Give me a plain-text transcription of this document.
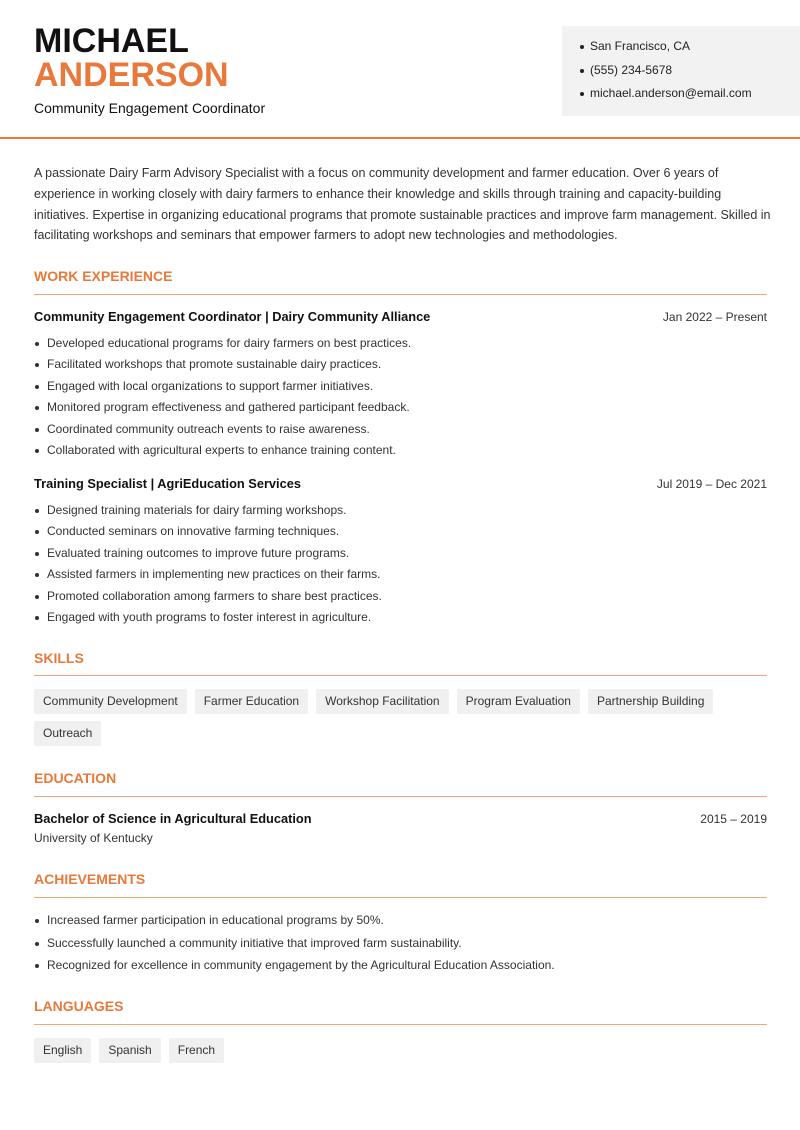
MICHAEL
ANDERSON
Community Engagement Coordinator
San Francisco, CA
(555) 234-5678
michael.anderson@email.com

A passionate Dairy Farm Advisory Specialist with a focus on community development and farmer education. Over 6 years of experience in working closely with dairy farmers to enhance their knowledge and skills through training and capacity-building initiatives. Expertise in organizing educational programs that promote sustainable practices and improve farm management. Skilled in facilitating workshops and seminars that empower farmers to adopt new technologies and methodologies.

WORK EXPERIENCE
Community Engagement Coordinator | Dairy Community Alliance	Jan 2022 – Present
Developed educational programs for dairy farmers on best practices.
Facilitated workshops that promote sustainable dairy practices.
Engaged with local organizations to support farmer initiatives.
Monitored program effectiveness and gathered participant feedback.
Coordinated community outreach events to raise awareness.
Collaborated with agricultural experts to enhance training content.
Training Specialist | AgriEducation Services	Jul 2019 – Dec 2021
Designed training materials for dairy farming workshops.
Conducted seminars on innovative farming techniques.
Evaluated training outcomes to improve future programs.
Assisted farmers in implementing new practices on their farms.
Promoted collaboration among farmers to share best practices.
Engaged with youth programs to foster interest in agriculture.
SKILLS
Community Development	Farmer Education	Workshop Facilitation	Program Evaluation	Partnership Building
Outreach
EDUCATION
Bachelor of Science in Agricultural Education	2015 – 2019
University of Kentucky
ACHIEVEMENTS
Increased farmer participation in educational programs by 50%.
Successfully launched a community initiative that improved farm sustainability.
Recognized for excellence in community engagement by the Agricultural Education Association.
LANGUAGES
English	Spanish	French
